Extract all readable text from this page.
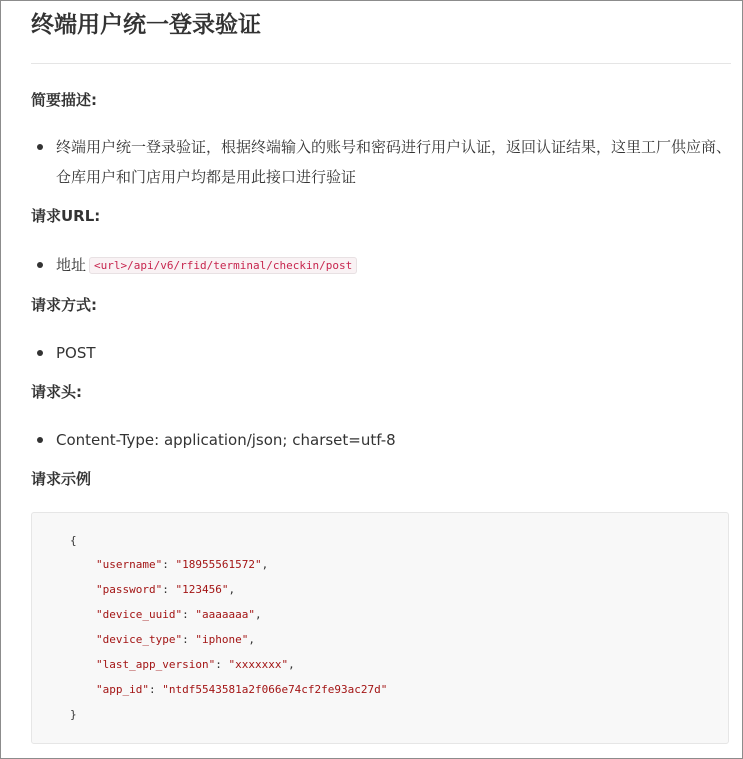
终端用户统一登录验证
简要描述:
终端用户统一登录验证，根据终端输入的账号和密码进行用户认证，返回认证结果，这里工厂供应商、仓库用户和门店用户均都是用此接口进行验证
请求URL:
地址 <url>/api/v6/rfid/terminal/checkin/post
请求方式:
POST
请求头:
Content-Type: application/json; charset=utf-8
请求示例
{
"username": "18955561572",
"password": "123456",
"device_uuid": "aaaaaaa",
"device_type": "iphone",
"last_app_version": "xxxxxxx",
"app_id": "ntdf5543581a2f066e74cf2fe93ac27d"
}
